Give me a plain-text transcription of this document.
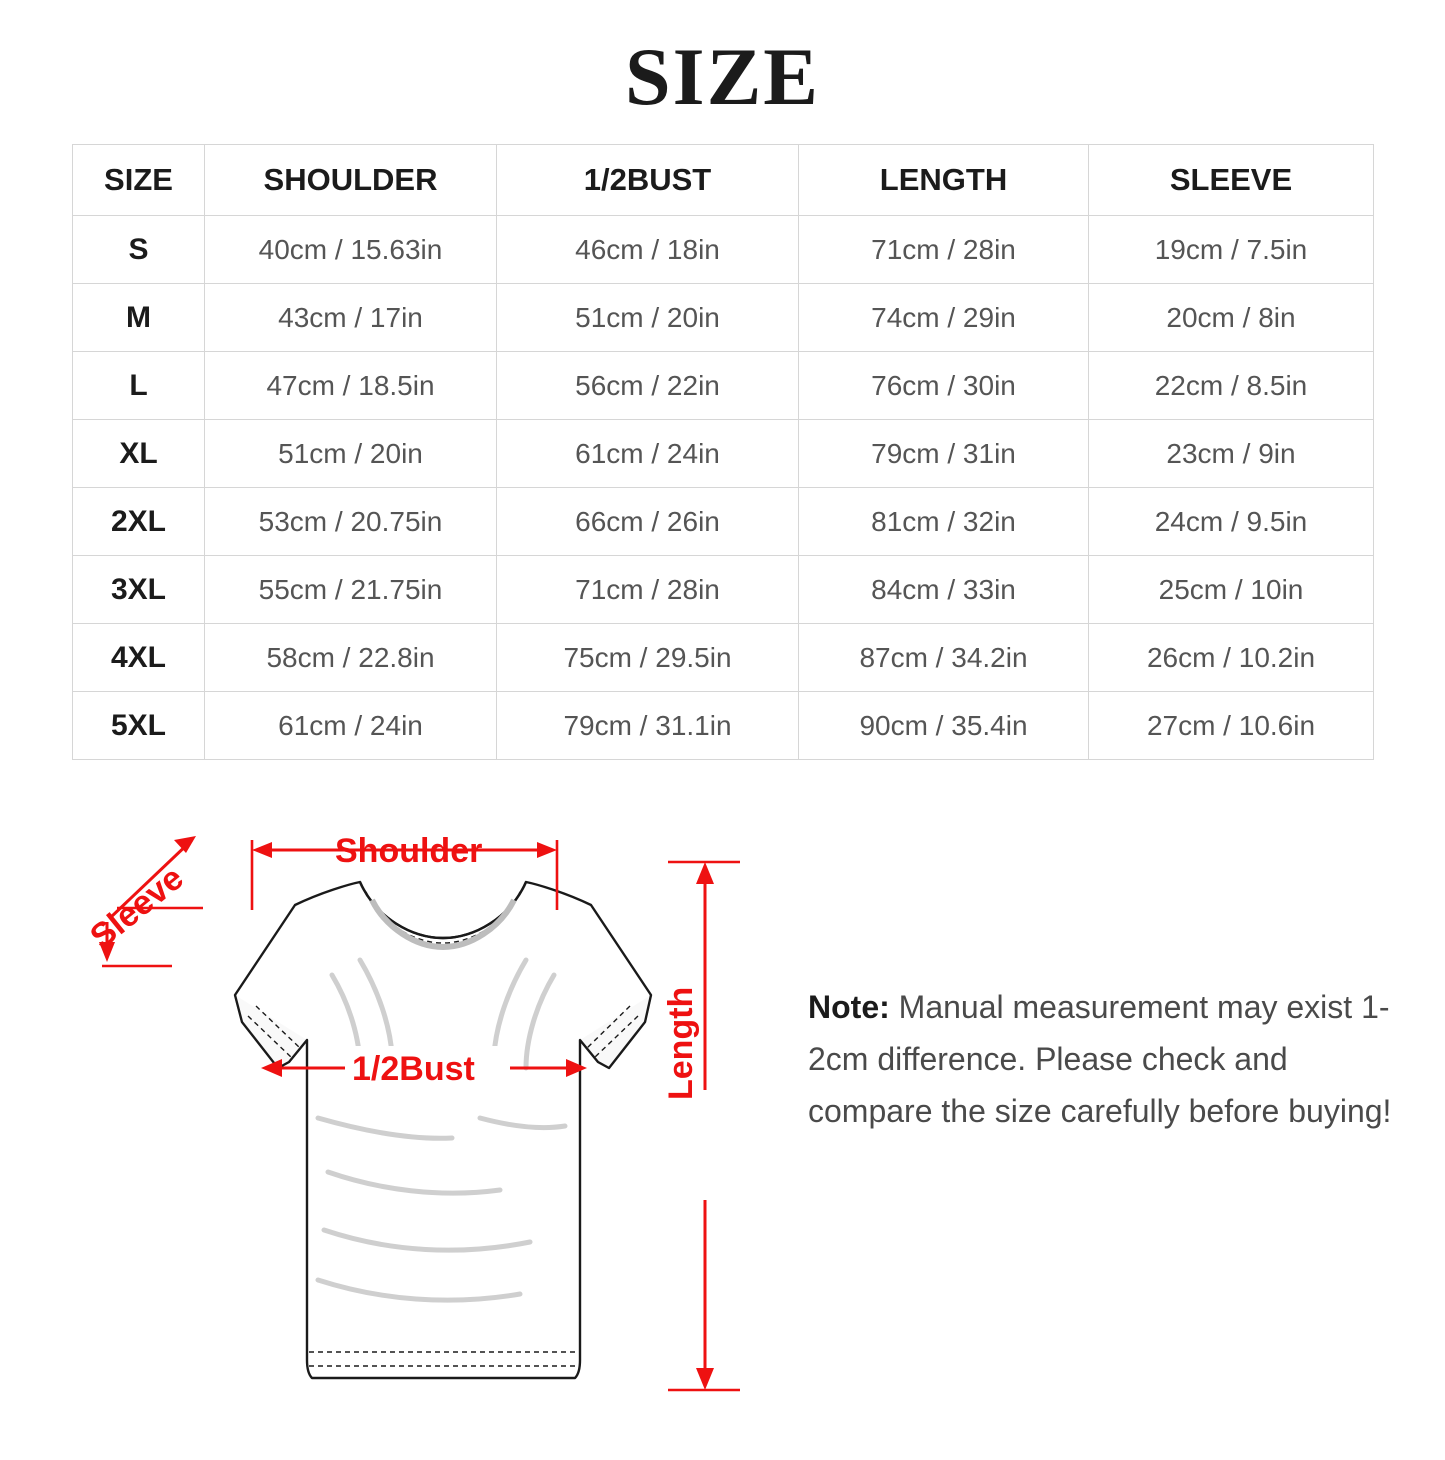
SIZE
SIZE	SHOULDER	1/2BUST	LENGTH	SLEEVE
S	40cm / 15.63in	46cm / 18in	71cm / 28in	19cm / 7.5in
M	43cm / 17in	51cm / 20in	74cm / 29in	20cm / 8in
L	47cm / 18.5in	56cm / 22in	76cm / 30in	22cm / 8.5in
XL	51cm / 20in	61cm / 24in	79cm / 31in	23cm / 9in
2XL	53cm / 20.75in	66cm / 26in	81cm / 32in	24cm / 9.5in
3XL	55cm / 21.75in	71cm / 28in	84cm / 33in	25cm / 10in
4XL	58cm / 22.8in	75cm / 29.5in	87cm / 34.2in	26cm / 10.2in
5XL	61cm / 24in	79cm / 31.1in	90cm / 35.4in	27cm / 10.6in
Shoulder
Sleeve
1/2Bust	Length	Note: Manual measurement may exist 1-2cm difference. Please check and compare the size carefully before buying!
